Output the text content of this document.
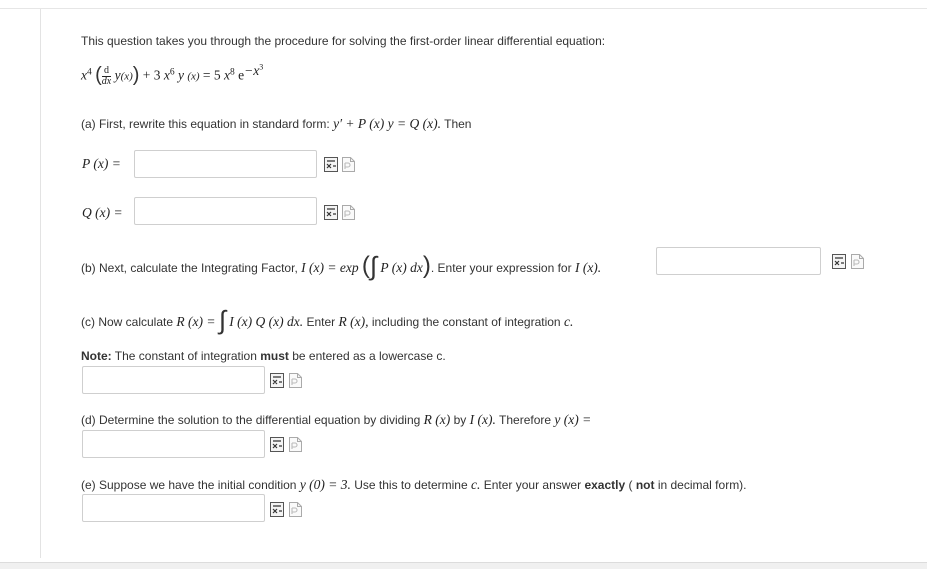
This question takes you through the procedure for solving the first-order linear differential equation:
$x^4$ ( $\frac{d}{dx} y(x)) + 3$ $x^6$ y (x) = 5 $x^8$ $e^{-x^3}$
(a) First, rewrite this equation in standard form: y′ + P (x) y = Q (x). Then
P (x) =
Q (x) =
(b) Next, calculate the Integrating Factor, I (x) = exp (∫ P (x) dx). Enter your expression for I (x).
(c) Now calculate R (x) = ∫ I (x) Q (x) dx. Enter R (x), including the constant of integration c.
Note: The constant of integration must be entered as a lowercase c.
(d) Determine the solution to the differential equation by dividing R (x) by I (x). Therefore y (x) =
(e) Suppose we have the initial condition y (0) = 3. Use this to determine c. Enter your answer exactly ( not in decimal form).
